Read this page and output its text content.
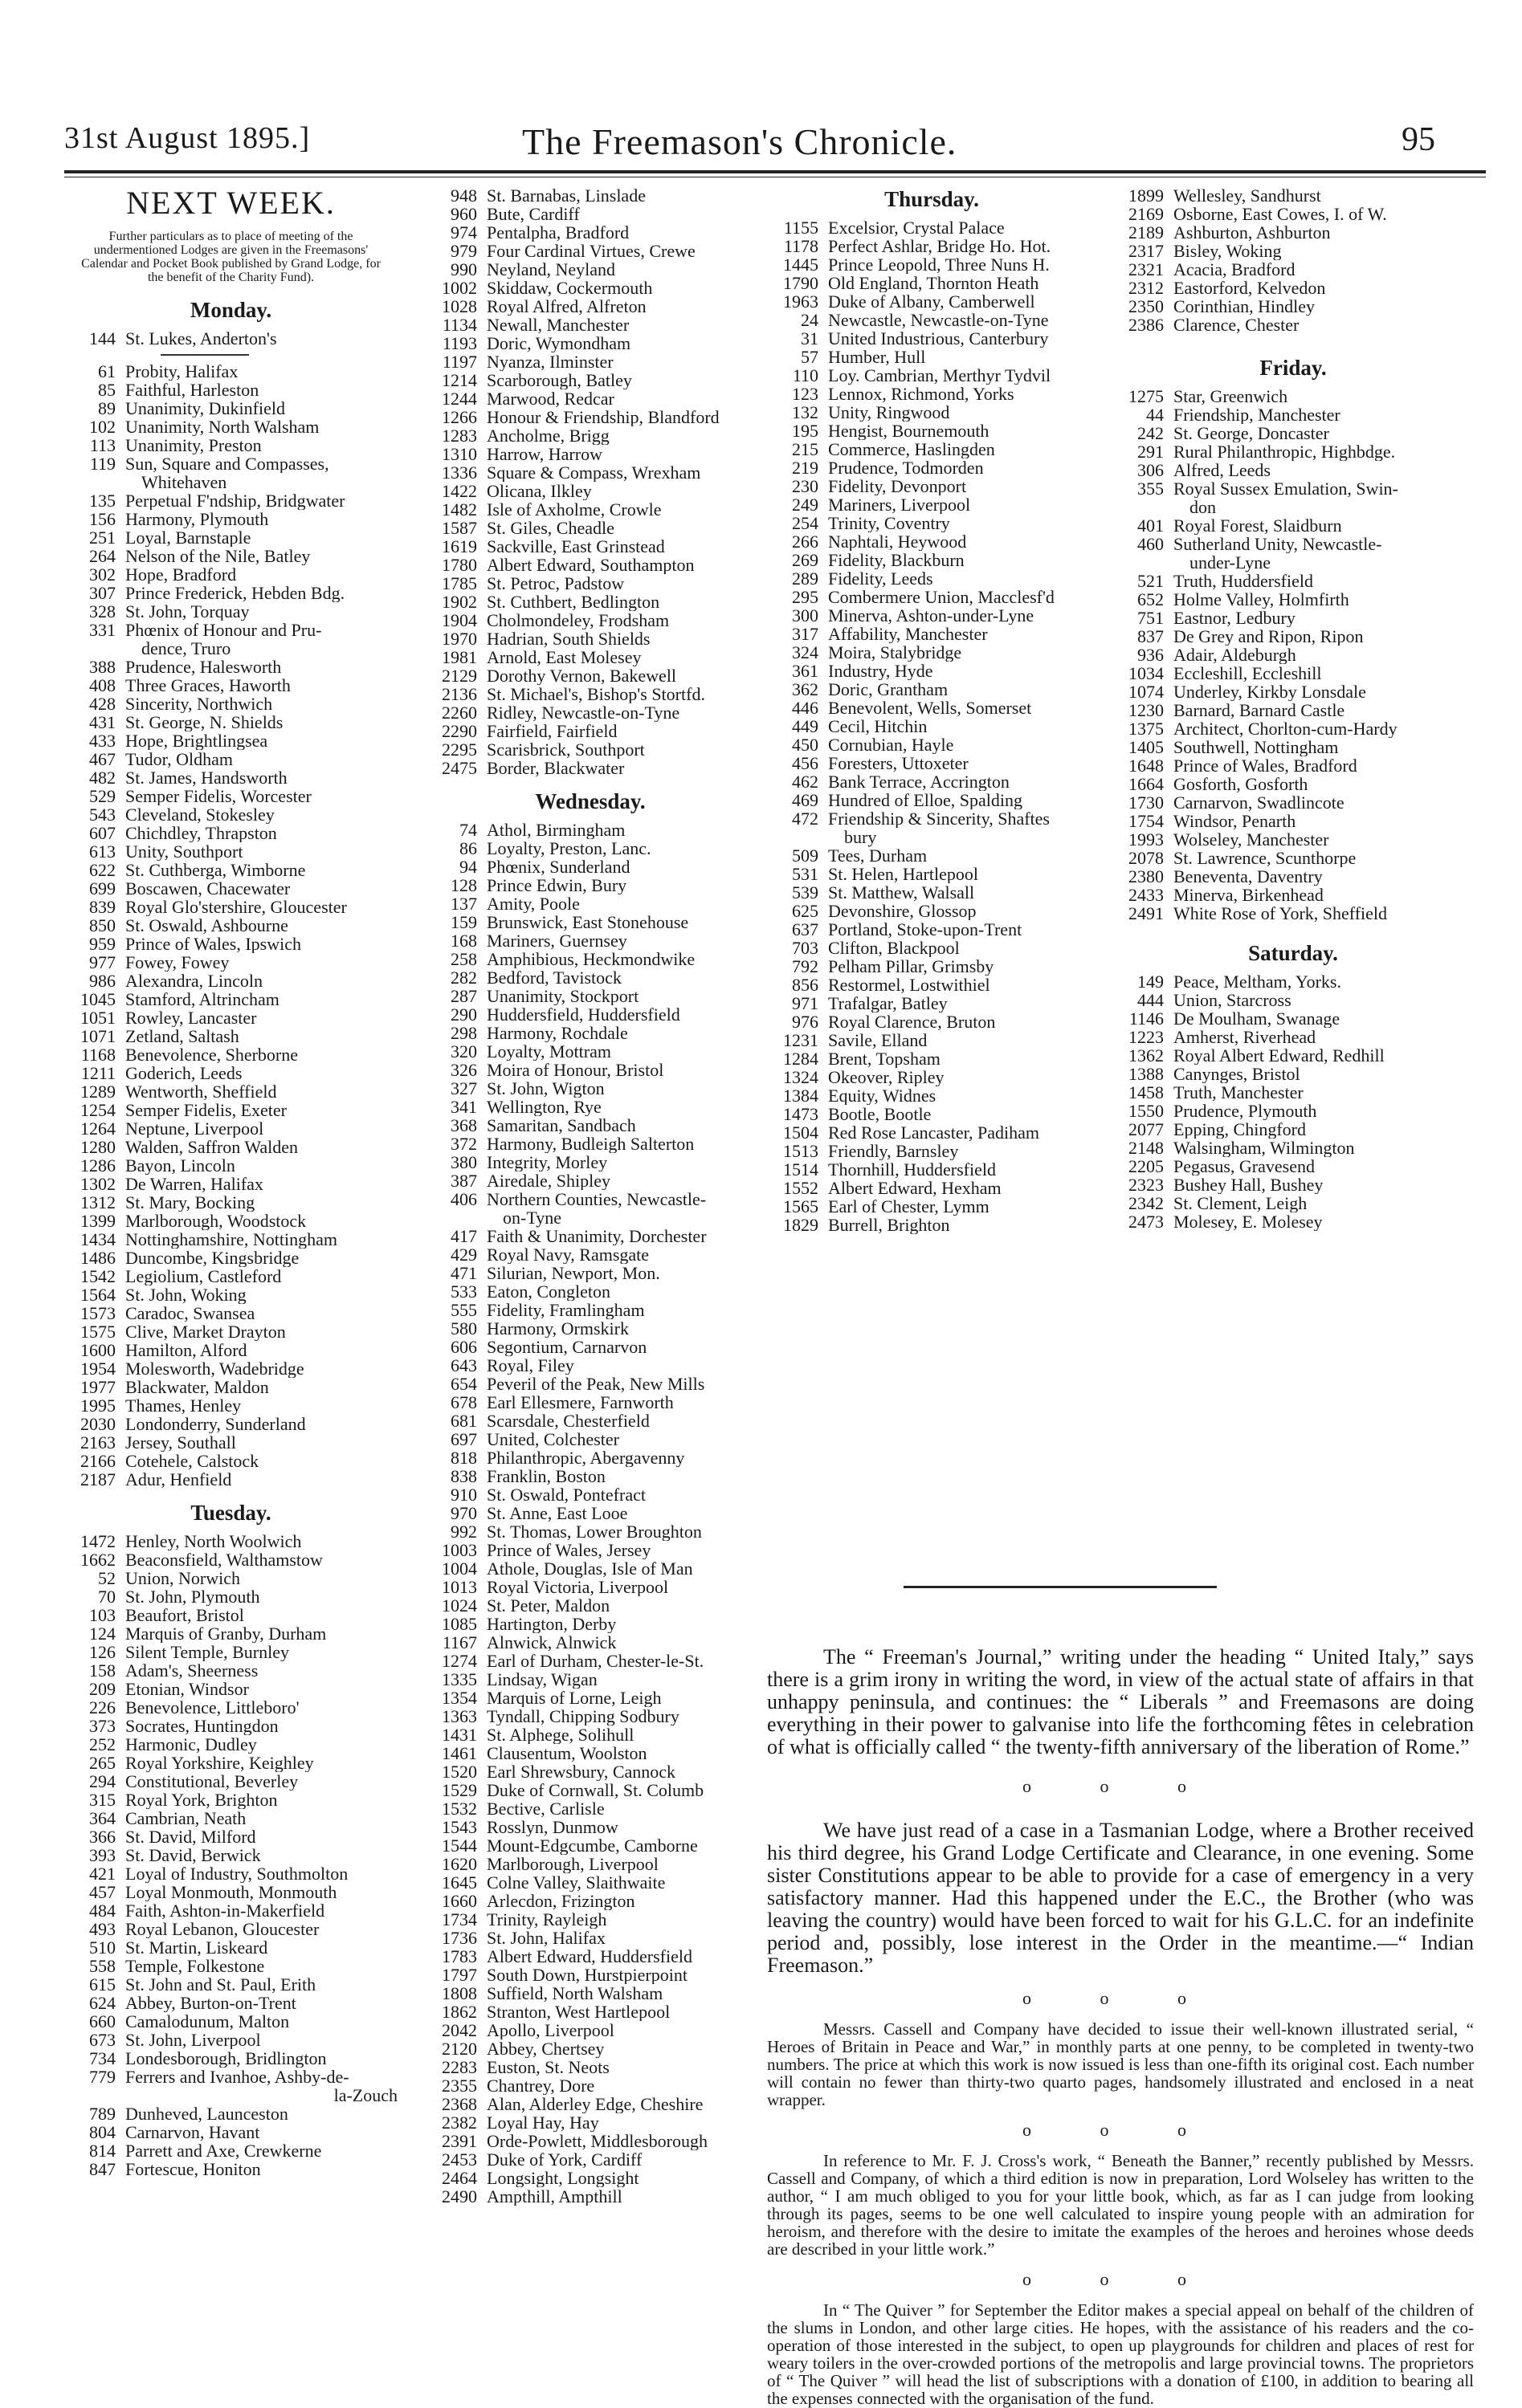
31st August 1895.]	The Freemason's Chronicle.	95
NEXT WEEK.
Further particulars as to place of meeting of the undermentioned Lodges are given in the Freemasons' Calendar and Pocket Book published by Grand Lodge, for the benefit of the Charity Fund).
Monday.
144 St. Lukes, Anderton's
61 Probity, Halifax
85 Faithful, Harleston
89 Unanimity, Dukinfield
102 Unanimity, North Walsham
113 Unanimity, Preston
119 Sun, Square and Compasses,
Whitehaven
135 Perpetual F'ndship, Bridgwater
156 Harmony, Plymouth
251 Loyal, Barnstaple
264 Nelson of the Nile, Batley
302 Hope, Bradford
307 Prince Frederick, Hebden Bdg.
328 St. John, Torquay
331 Phœnix of Honour and Pru-
dence, Truro
388 Prudence, Halesworth
408 Three Graces, Haworth
428 Sincerity, Northwich
431 St. George, N. Shields
433 Hope, Brightlingsea
467 Tudor, Oldham
482 St. James, Handsworth
529 Semper Fidelis, Worcester
543 Cleveland, Stokesley
607 Chichdley, Thrapston
613 Unity, Southport
622 St. Cuthberga, Wimborne
699 Boscawen, Chacewater
839 Royal Glo'stershire, Gloucester
850 St. Oswald, Ashbourne
959 Prince of Wales, Ipswich
977 Fowey, Fowey
986 Alexandra, Lincoln
1045 Stamford, Altrincham
1051 Rowley, Lancaster
1071 Zetland, Saltash
1168 Benevolence, Sherborne
1211 Goderich, Leeds
1289 Wentworth, Sheffield
1254 Semper Fidelis, Exeter
1264 Neptune, Liverpool
1280 Walden, Saffron Walden
1286 Bayon, Lincoln
1302 De Warren, Halifax
1312 St. Mary, Bocking
1399 Marlborough, Woodstock
1434 Nottinghamshire, Nottingham
1486 Duncombe, Kingsbridge
1542 Legiolium, Castleford
1564 St. John, Woking
1573 Caradoc, Swansea
1575 Clive, Market Drayton
1600 Hamilton, Alford
1954 Molesworth, Wadebridge
1977 Blackwater, Maldon
1995 Thames, Henley
2030 Londonderry, Sunderland
2163 Jersey, Southall
2166 Cotehele, Calstock
2187 Adur, Henfield
Tuesday.
1472 Henley, North Woolwich
1662 Beaconsfield, Walthamstow
52 Union, Norwich
70 St. John, Plymouth
103 Beaufort, Bristol
124 Marquis of Granby, Durham
126 Silent Temple, Burnley
158 Adam's, Sheerness
209 Etonian, Windsor
226 Benevolence, Littleboro'
373 Socrates, Huntingdon
252 Harmonic, Dudley
265 Royal Yorkshire, Keighley
294 Constitutional, Beverley
315 Royal York, Brighton
364 Cambrian, Neath
366 St. David, Milford
393 St. David, Berwick
421 Loyal of Industry, Southmolton
457 Loyal Monmouth, Monmouth
484 Faith, Ashton-in-Makerfield
493 Royal Lebanon, Gloucester
510 St. Martin, Liskeard
558 Temple, Folkestone
615 St. John and St. Paul, Erith
624 Abbey, Burton-on-Trent
660 Camalodunum, Malton
673 St. John, Liverpool
734 Londesborough, Bridlington
779 Ferrers and Ivanhoe, Ashby-de-
la-Zouch
789 Dunheved, Launceston
804 Carnarvon, Havant
814 Parrett and Axe, Crewkerne
847 Fortescue, Honiton
948 St. Barnabas, Linslade
960 Bute, Cardiff
974 Pentalpha, Bradford
979 Four Cardinal Virtues, Crewe
990 Neyland, Neyland
1002 Skiddaw, Cockermouth
1028 Royal Alfred, Alfreton
1134 Newall, Manchester
1193 Doric, Wymondham
1197 Nyanza, Ilminster
1214 Scarborough, Batley
1244 Marwood, Redcar
1266 Honour & Friendship, Blandford
1283 Ancholme, Brigg
1310 Harrow, Harrow
1336 Square & Compass, Wrexham
1422 Olicana, Ilkley
1482 Isle of Axholme, Crowle
1587 St. Giles, Cheadle
1619 Sackville, East Grinstead
1780 Albert Edward, Southampton
1785 St. Petroc, Padstow
1902 St. Cuthbert, Bedlington
1904 Cholmondeley, Frodsham
1970 Hadrian, South Shields
1981 Arnold, East Molesey
2129 Dorothy Vernon, Bakewell
2136 St. Michael's, Bishop's Stortfd.
2260 Ridley, Newcastle-on-Tyne
2290 Fairfield, Fairfield
2295 Scarisbrick, Southport
2475 Border, Blackwater
Wednesday.
74 Athol, Birmingham
86 Loyalty, Preston, Lanc.
94 Phœnix, Sunderland
128 Prince Edwin, Bury
137 Amity, Poole
159 Brunswick, East Stonehouse
168 Mariners, Guernsey
258 Amphibious, Heckmondwike
282 Bedford, Tavistock
287 Unanimity, Stockport
290 Huddersfield, Huddersfield
298 Harmony, Rochdale
320 Loyalty, Mottram
326 Moira of Honour, Bristol
327 St. John, Wigton
341 Wellington, Rye
368 Samaritan, Sandbach
372 Harmony, Budleigh Salterton
380 Integrity, Morley
387 Airedale, Shipley
406 Northern Counties, Newcastle-
on-Tyne
417 Faith & Unanimity, Dorchester
429 Royal Navy, Ramsgate
471 Silurian, Newport, Mon.
533 Eaton, Congleton
555 Fidelity, Framlingham
580 Harmony, Ormskirk
606 Segontium, Carnarvon
643 Royal, Filey
654 Peveril of the Peak, New Mills
678 Earl Ellesmere, Farnworth
681 Scarsdale, Chesterfield
697 United, Colchester
818 Philanthropic, Abergavenny
838 Franklin, Boston
910 St. Oswald, Pontefract
970 St. Anne, East Looe
992 St. Thomas, Lower Broughton
1003 Prince of Wales, Jersey
1004 Athole, Douglas, Isle of Man
1013 Royal Victoria, Liverpool
1024 St. Peter, Maldon
1085 Hartington, Derby
1167 Alnwick, Alnwick
1274 Earl of Durham, Chester-le-St.
1335 Lindsay, Wigan
1354 Marquis of Lorne, Leigh
1363 Tyndall, Chipping Sodbury
1431 St. Alphege, Solihull
1461 Clausentum, Woolston
1520 Earl Shrewsbury, Cannock
1529 Duke of Cornwall, St. Columb
1532 Bective, Carlisle
1543 Rosslyn, Dunmow
1544 Mount-Edgcumbe, Camborne
1620 Marlborough, Liverpool
1645 Colne Valley, Slaithwaite
1660 Arlecdon, Frizington
1734 Trinity, Rayleigh
1736 St. John, Halifax
1783 Albert Edward, Huddersfield
1797 South Down, Hurstpierpoint
1808 Suffield, North Walsham
1862 Stranton, West Hartlepool
2042 Apollo, Liverpool
2120 Abbey, Chertsey
2283 Euston, St. Neots
2355 Chantrey, Dore
2368 Alan, Alderley Edge, Cheshire
2382 Loyal Hay, Hay
2391 Orde-Powlett, Middlesborough
2453 Duke of York, Cardiff
2464 Longsight, Longsight
2490 Ampthill, Ampthill
Thursday.
1155 Excelsior, Crystal Palace
1178 Perfect Ashlar, Bridge Ho. Hot.
1445 Prince Leopold, Three Nuns H.
1790 Old England, Thornton Heath
1963 Duke of Albany, Camberwell
24 Newcastle, Newcastle-on-Tyne
31 United Industrious, Canterbury
57 Humber, Hull
110 Loy. Cambrian, Merthyr Tydvil
123 Lennox, Richmond, Yorks
132 Unity, Ringwood
195 Hengist, Bournemouth
215 Commerce, Haslingden
219 Prudence, Todmorden
230 Fidelity, Devonport
249 Mariners, Liverpool
254 Trinity, Coventry
266 Naphtali, Heywood
269 Fidelity, Blackburn
289 Fidelity, Leeds
295 Combermere Union, Macclesf'd
300 Minerva, Ashton-under-Lyne
317 Affability, Manchester
324 Moira, Stalybridge
361 Industry, Hyde
362 Doric, Grantham
446 Benevolent, Wells, Somerset
449 Cecil, Hitchin
450 Cornubian, Hayle
456 Foresters, Uttoxeter
462 Bank Terrace, Accrington
469 Hundred of Elloe, Spalding
472 Friendship & Sincerity, Shaftes
bury
509 Tees, Durham
531 St. Helen, Hartlepool
539 St. Matthew, Walsall
625 Devonshire, Glossop
637 Portland, Stoke-upon-Trent
703 Clifton, Blackpool
792 Pelham Pillar, Grimsby
856 Restormel, Lostwithiel
971 Trafalgar, Batley
976 Royal Clarence, Bruton
1231 Savile, Elland
1284 Brent, Topsham
1324 Okeover, Ripley
1384 Equity, Widnes
1473 Bootle, Bootle
1504 Red Rose Lancaster, Padiham
1513 Friendly, Barnsley
1514 Thornhill, Huddersfield
1552 Albert Edward, Hexham
1565 Earl of Chester, Lymm
1829 Burrell, Brighton
1899 Wellesley, Sandhurst
2169 Osborne, East Cowes, I. of W.
2189 Ashburton, Ashburton
2317 Bisley, Woking
2321 Acacia, Bradford
2312 Eastorford, Kelvedon
2350 Corinthian, Hindley
2386 Clarence, Chester
Friday.
1275 Star, Greenwich
44 Friendship, Manchester
242 St. George, Doncaster
291 Rural Philanthropic, Highbdge.
306 Alfred, Leeds
355 Royal Sussex Emulation, Swin-
don
401 Royal Forest, Slaidburn
460 Sutherland Unity, Newcastle-
under-Lyne
521 Truth, Huddersfield
652 Holme Valley, Holmfirth
751 Eastnor, Ledbury
837 De Grey and Ripon, Ripon
936 Adair, Aldeburgh
1034 Eccleshill, Eccleshill
1074 Underley, Kirkby Lonsdale
1230 Barnard, Barnard Castle
1375 Architect, Chorlton-cum-Hardy
1405 Southwell, Nottingham
1648 Prince of Wales, Bradford
1664 Gosforth, Gosforth
1730 Carnarvon, Swadlincote
1754 Windsor, Penarth
1993 Wolseley, Manchester
2078 St. Lawrence, Scunthorpe
2380 Beneventa, Daventry
2433 Minerva, Birkenhead
2491 White Rose of York, Sheffield
Saturday.
149 Peace, Meltham, Yorks.
444 Union, Starcross
1146 De Moulham, Swanage
1223 Amherst, Riverhead
1362 Royal Albert Edward, Redhill
1388 Canynges, Bristol
1458 Truth, Manchester
1550 Prudence, Plymouth
2077 Epping, Chingford
2148 Walsingham, Wilmington
2205 Pegasus, Gravesend
2323 Bushey Hall, Bushey
2342 St. Clement, Leigh
2473 Molesey, E. Molesey

The “ Freeman's Journal,” writing under the heading “ United Italy,” says there is a grim irony in writing the word, in view of the actual state of affairs in that unhappy peninsula, and continues: the “ Liberals ” and Freemasons are doing everything in their power to galvanise into life the forthcoming fêtes in celebration of what is officially called “ the twenty-fifth anniversary of the liberation of Rome.”

o o o

We have just read of a case in a Tasmanian Lodge, where a Brother received his third degree, his Grand Lodge Certificate and Clearance, in one evening. Some sister Constitutions appear to be able to provide for a case of emergency in a very satisfactory manner. Had this happened under the E.C., the Brother (who was leaving the country) would have been forced to wait for his G.L.C. for an indefinite period and, possibly, lose interest in the Order in the meantime.—“ Indian Freemason.”

o o o

Messrs. Cassell and Company have decided to issue their well-known illustrated serial, “ Heroes of Britain in Peace and War,” in monthly parts at one penny, to be completed in twenty-two numbers. The price at which this work is now issued is less than one-fifth its original cost. Each number will contain no fewer than thirty-two quarto pages, handsomely illustrated and enclosed in a neat wrapper.

o o o

In reference to Mr. F. J. Cross's work, “ Beneath the Banner,” recently published by Messrs. Cassell and Company, of which a third edition is now in preparation, Lord Wolseley has written to the author, “ I am much obliged to you for your little book, which, as far as I can judge from looking through its pages, seems to be one well calculated to inspire young people with an admiration for heroism, and therefore with the desire to imitate the examples of the heroes and heroines whose deeds are described in your little work.”

o o o

In “ The Quiver ” for September the Editor makes a special appeal on behalf of the children of the slums in London, and other large cities. He hopes, with the assistance of his readers and the co-operation of those interested in the subject, to open up playgrounds for children and places of rest for weary toilers in the over-crowded portions of the metropolis and large provincial towns. The proprietors of “ The Quiver ” will head the list of subscriptions with a donation of £100, in addition to bearing all the expenses connected with the organisation of the fund.
